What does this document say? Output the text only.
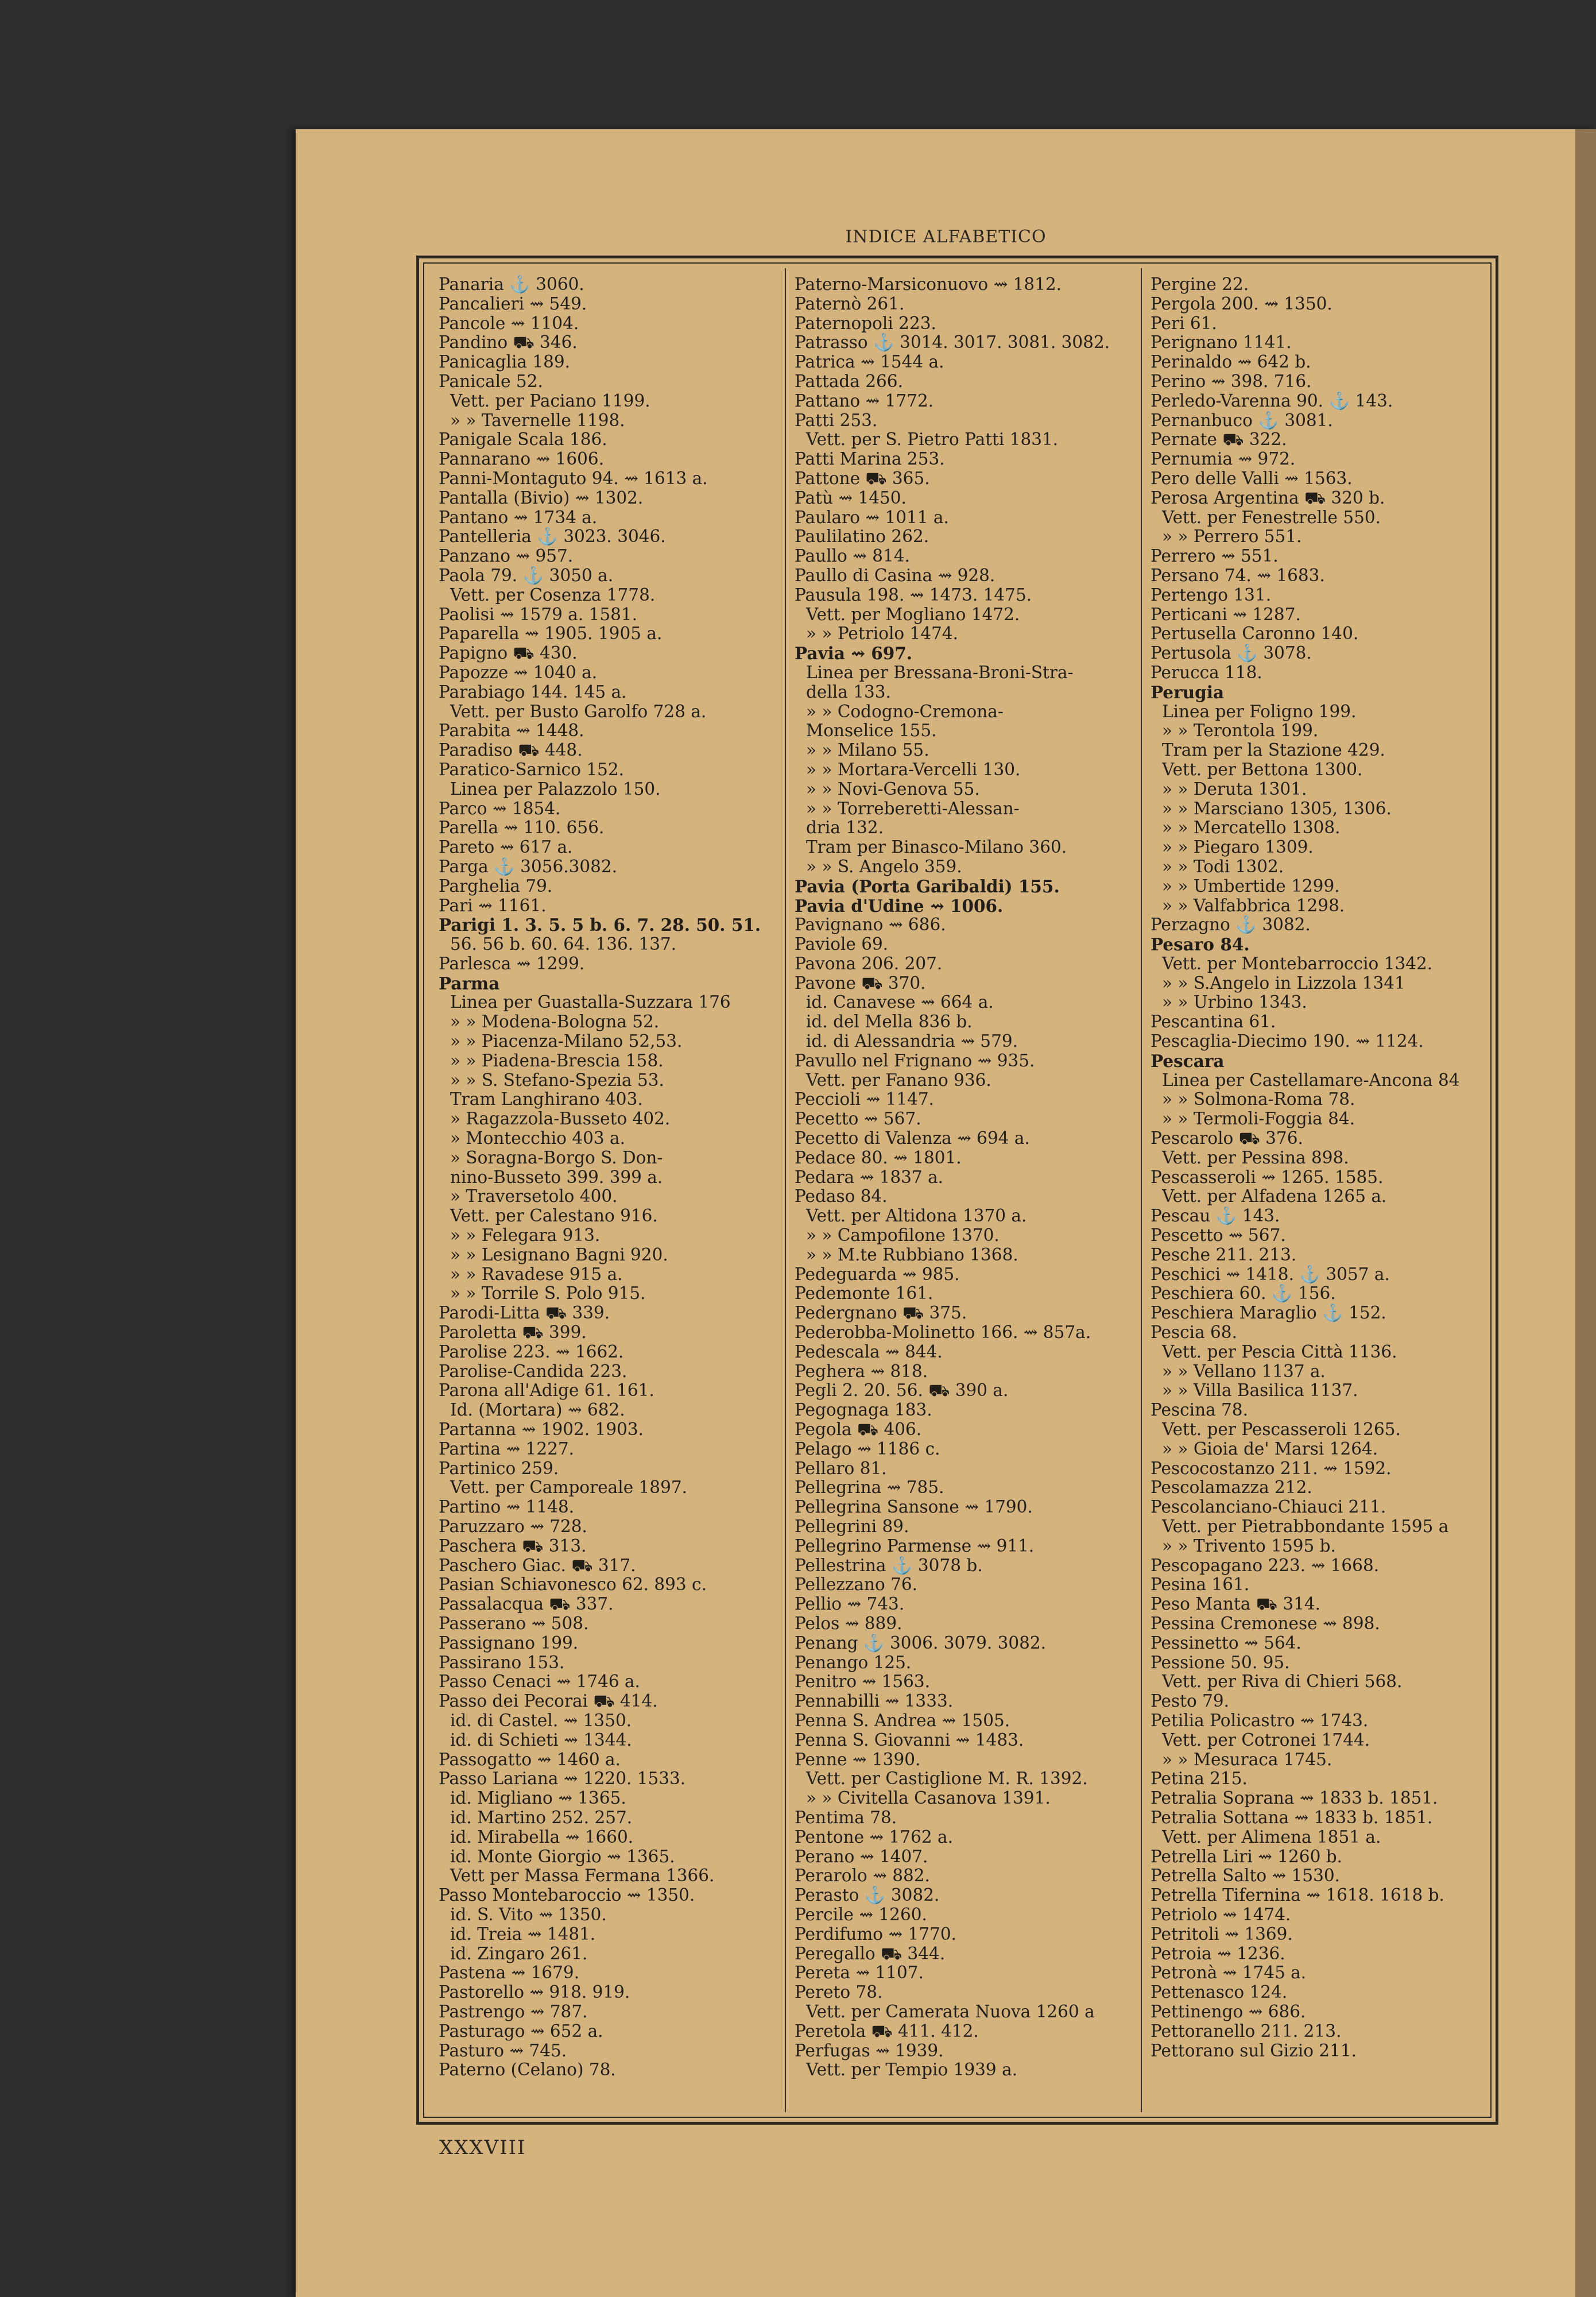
INDICE ALFABETICO
Panaria ⚓ 3060.
Pancalieri ⇝ 549.
Pancole ⇝ 1104.
Pandino ⛟ 346.
Panicaglia 189.
Panicale 52.
Vett. per Paciano 1199.
» » Tavernelle 1198.
Panigale Scala 186.
Pannarano ⇝ 1606.
Panni-Montaguto 94. ⇝ 1613 a.
Pantalla (Bivio) ⇝ 1302.
Pantano ⇝ 1734 a.
Pantelleria ⚓ 3023. 3046.
Panzano ⇝ 957.
Paola 79. ⚓ 3050 a.
Vett. per Cosenza 1778.
Paolisi ⇝ 1579 a. 1581.
Paparella ⇝ 1905. 1905 a.
Papigno ⛟ 430.
Papozze ⇝ 1040 a.
Parabiago 144. 145 a.
Vett. per Busto Garolfo 728 a.
Parabita ⇝ 1448.
Paradiso ⛟ 448.
Paratico-Sarnico 152.
Linea per Palazzolo 150.
Parco ⇝ 1854.
Parella ⇝ 110. 656.
Pareto ⇝ 617 a.
Parga ⚓ 3056.3082.
Parghelia 79.
Pari ⇝ 1161.
Parigi 1. 3. 5. 5 b. 6. 7. 28. 50. 51.
56. 56 b. 60. 64. 136. 137.
Parlesca ⇝ 1299.
Parma
Linea per Guastalla-Suzzara 176
» » Modena-Bologna 52.
» » Piacenza-Milano 52,53.
» » Piadena-Brescia 158.
» » S. Stefano-Spezia 53.
Tram Langhirano 403.
» Ragazzola-Busseto 402.
» Montecchio 403 a.
» Soragna-Borgo S. Don-
nino-Busseto 399. 399 a.
» Traversetolo 400.
Vett. per Calestano 916.
» » Felegara 913.
» » Lesignano Bagni 920.
» » Ravadese 915 a.
» » Torrile S. Polo 915.
Parodi-Litta ⛟ 339.
Paroletta ⛟ 399.
Parolise 223. ⇝ 1662.
Parolise-Candida 223.
Parona all'Adige 61. 161.
Id. (Mortara) ⇝ 682.
Partanna ⇝ 1902. 1903.
Partina ⇝ 1227.
Partinico 259.
Vett. per Camporeale 1897.
Partino ⇝ 1148.
Paruzzaro ⇝ 728.
Paschera ⛟ 313.
Paschero Giac. ⛟ 317.
Pasian Schiavonesco 62. 893 c.
Passalacqua ⛟ 337.
Passerano ⇝ 508.
Passignano 199.
Passirano 153.
Passo Cenaci ⇝ 1746 a.
Passo dei Pecorai ⛟ 414.
id. di Castel. ⇝ 1350.
id. di Schieti ⇝ 1344.
Passogatto ⇝ 1460 a.
Passo Lariana ⇝ 1220. 1533.
id. Migliano ⇝ 1365.
id. Martino 252. 257.
id. Mirabella ⇝ 1660.
id. Monte Giorgio ⇝ 1365.
Vett per Massa Fermana 1366.
Passo Montebaroccio ⇝ 1350.
id. S. Vito ⇝ 1350.
id. Treia ⇝ 1481.
id. Zingaro 261.
Pastena ⇝ 1679.
Pastorello ⇝ 918. 919.
Pastrengo ⇝ 787.
Pasturago ⇝ 652 a.
Pasturo ⇝ 745.
Paterno (Celano) 78.
Paterno-Marsiconuovo ⇝ 1812.
Paternò 261.
Paternopoli 223.
Patrasso ⚓ 3014. 3017. 3081. 3082.
Patrica ⇝ 1544 a.
Pattada 266.
Pattano ⇝ 1772.
Patti 253.
Vett. per S. Pietro Patti 1831.
Patti Marina 253.
Pattone ⛟ 365.
Patù ⇝ 1450.
Paularo ⇝ 1011 a.
Paulilatino 262.
Paullo ⇝ 814.
Paullo di Casina ⇝ 928.
Pausula 198. ⇝ 1473. 1475.
Vett. per Mogliano 1472.
» » Petriolo 1474.
Pavia ⇝ 697.
Linea per Bressana-Broni-Stra-
della 133.
» » Codogno-Cremona-
Monselice 155.
» » Milano 55.
» » Mortara-Vercelli 130.
» » Novi-Genova 55.
» » Torreberetti-Alessan-
dria 132.
Tram per Binasco-Milano 360.
» » S. Angelo 359.
Pavia (Porta Garibaldi) 155.
Pavia d'Udine ⇝ 1006.
Pavignano ⇝ 686.
Paviole 69.
Pavona 206. 207.
Pavone ⛟ 370.
id. Canavese ⇝ 664 a.
id. del Mella 836 b.
id. di Alessandria ⇝ 579.
Pavullo nel Frignano ⇝ 935.
Vett. per Fanano 936.
Peccioli ⇝ 1147.
Pecetto ⇝ 567.
Pecetto di Valenza ⇝ 694 a.
Pedace 80. ⇝ 1801.
Pedara ⇝ 1837 a.
Pedaso 84.
Vett. per Altidona 1370 a.
» » Campofilone 1370.
» » M.te Rubbiano 1368.
Pedeguarda ⇝ 985.
Pedemonte 161.
Pedergnano ⛟ 375.
Pederobba-Molinetto 166. ⇝ 857a.
Pedescala ⇝ 844.
Peghera ⇝ 818.
Pegli 2. 20. 56. ⛟ 390 a.
Pegognaga 183.
Pegola ⛟ 406.
Pelago ⇝ 1186 c.
Pellaro 81.
Pellegrina ⇝ 785.
Pellegrina Sansone ⇝ 1790.
Pellegrini 89.
Pellegrino Parmense ⇝ 911.
Pellestrina ⚓ 3078 b.
Pellezzano 76.
Pellio ⇝ 743.
Pelos ⇝ 889.
Penang ⚓ 3006. 3079. 3082.
Penango 125.
Penitro ⇝ 1563.
Pennabilli ⇝ 1333.
Penna S. Andrea ⇝ 1505.
Penna S. Giovanni ⇝ 1483.
Penne ⇝ 1390.
Vett. per Castiglione M. R. 1392.
» » Civitella Casanova 1391.
Pentima 78.
Pentone ⇝ 1762 a.
Perano ⇝ 1407.
Perarolo ⇝ 882.
Perasto ⚓ 3082.
Percile ⇝ 1260.
Perdifumo ⇝ 1770.
Peregallo ⛟ 344.
Pereta ⇝ 1107.
Pereto 78.
Vett. per Camerata Nuova 1260 a
Peretola ⛟ 411. 412.
Perfugas ⇝ 1939.
Vett. per Tempio 1939 a.
Pergine 22.
Pergola 200. ⇝ 1350.
Peri 61.
Perignano 1141.
Perinaldo ⇝ 642 b.
Perino ⇝ 398. 716.
Perledo-Varenna 90. ⚓ 143.
Pernanbuco ⚓ 3081.
Pernate ⛟ 322.
Pernumia ⇝ 972.
Pero delle Valli ⇝ 1563.
Perosa Argentina ⛟ 320 b.
Vett. per Fenestrelle 550.
» » Perrero 551.
Perrero ⇝ 551.
Persano 74. ⇝ 1683.
Pertengo 131.
Perticani ⇝ 1287.
Pertusella Caronno 140.
Pertusola ⚓ 3078.
Perucca 118.
Perugia
Linea per Foligno 199.
» » Terontola 199.
Tram per la Stazione 429.
Vett. per Bettona 1300.
» » Deruta 1301.
» » Marsciano 1305, 1306.
» » Mercatello 1308.
» » Piegaro 1309.
» » Todi 1302.
» » Umbertide 1299.
» » Valfabbrica 1298.
Perzagno ⚓ 3082.
Pesaro 84.
Vett. per Montebarroccio 1342.
» » S.Angelo in Lizzola 1341
» » Urbino 1343.
Pescantina 61.
Pescaglia-Diecimo 190. ⇝ 1124.
Pescara
Linea per Castellamare-Ancona 84
» » Solmona-Roma 78.
» » Termoli-Foggia 84.
Pescarolo ⛟ 376.
Vett. per Pessina 898.
Pescasseroli ⇝ 1265. 1585.
Vett. per Alfadena 1265 a.
Pescau ⚓ 143.
Pescetto ⇝ 567.
Pesche 211. 213.
Peschici ⇝ 1418. ⚓ 3057 a.
Peschiera 60. ⚓ 156.
Peschiera Maraglio ⚓ 152.
Pescia 68.
Vett. per Pescia Città 1136.
» » Vellano 1137 a.
» » Villa Basilica 1137.
Pescina 78.
Vett. per Pescasseroli 1265.
» » Gioia de' Marsi 1264.
Pescocostanzo 211. ⇝ 1592.
Pescolamazza 212.
Pescolanciano-Chiauci 211.
Vett. per Pietrabbondante 1595 a
» » Trivento 1595 b.
Pescopagano 223. ⇝ 1668.
Pesina 161.
Peso Manta ⛟ 314.
Pessina Cremonese ⇝ 898.
Pessinetto ⇝ 564.
Pessione 50. 95.
Vett. per Riva di Chieri 568.
Pesto 79.
Petilia Policastro ⇝ 1743.
Vett. per Cotronei 1744.
» » Mesuraca 1745.
Petina 215.
Petralia Soprana ⇝ 1833 b. 1851.
Petralia Sottana ⇝ 1833 b. 1851.
Vett. per Alimena 1851 a.
Petrella Liri ⇝ 1260 b.
Petrella Salto ⇝ 1530.
Petrella Tifernina ⇝ 1618. 1618 b.
Petriolo ⇝ 1474.
Petritoli ⇝ 1369.
Petroia ⇝ 1236.
Petronà ⇝ 1745 a.
Pettenasco 124.
Pettinengo ⇝ 686.
Pettoranello 211. 213.
Pettorano sul Gizio 211.
XXXVIII
